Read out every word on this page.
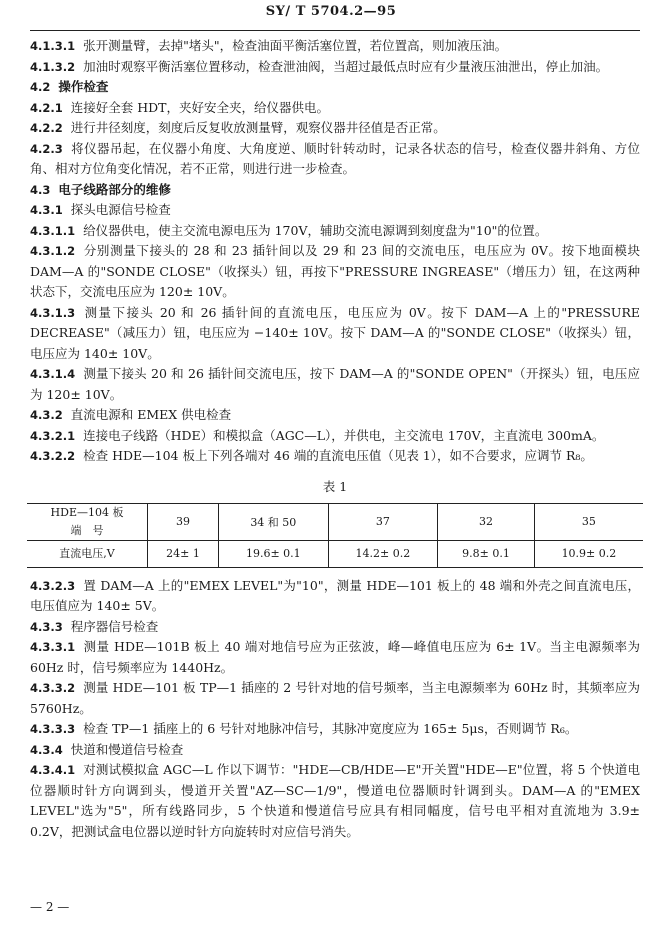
SY/ T 5704.2—95

4.1.3.1 张开测量臂，去掉"堵头"，检查油面平衡活塞位置，若位置高，则加液压油。

4.1.3.2 加油时观察平衡活塞位置移动，检查泄油阀，当超过最低点时应有少量液压油泄出，停止加油。

4.2 操作检查

4.2.1 连接好全套 HDT，夹好安全夹，给仪器供电。

4.2.2 进行井径刻度，刻度后反复收放测量臂，观察仪器井径值是否正常。

4.2.3 将仪器吊起，在仪器小角度、大角度逆、顺时针转动时，记录各状态的信号，检查仪器井斜角、方位角、相对方位角变化情况，若不正常，则进行进一步检查。

4.3 电子线路部分的维修

4.3.1 探头电源信号检查

4.3.1.1 给仪器供电，使主交流电源电压为 170V，辅助交流电源调到刻度盘为"10"的位置。

4.3.1.2 分别测量下接头的 28 和 23 插针间以及 29 和 23 间的交流电压，电压应为 0V。按下地面模块 DAM—A 的"SONDE CLOSE"（收探头）钮，再按下"PRESSURE INGREASE"（增压力）钮，在这两种状态下，交流电压应为 120± 10V。

4.3.1.3 测量下接头 20 和 26 插针间的直流电压，电压应为 0V。按下 DAM—A 上的"PRESSURE DECREASE"（减压力）钮，电压应为 −140± 10V。按下 DAM—A 的"SONDE CLOSE"（收探头）钮，电压应为 140± 10V。

4.3.1.4 测量下接头 20 和 26 插针间交流电压，按下 DAM—A 的"SONDE OPEN"（开探头）钮，电压应为 120± 10V。

4.3.2 直流电源和 EMEX 供电检查

4.3.2.1 连接电子线路（HDE）和模拟盒（AGC—L），并供电，主交流电 170V，主直流电 300mA。

4.3.2.2 检查 HDE—104 板上下列各端对 46 端的直流电压值（见表 1），如不合要求，应调节 R₈。

表 1
HDE—104 板
端　号	39	34 和 50	37	32	35
直流电压,V	24± 1	19.6± 0.1	14.2± 0.2	9.8± 0.1	10.9± 0.2

4.3.2.3 置 DAM—A 上的"EMEX LEVEL"为"10"，测量 HDE—101 板上的 48 端和外壳之间直流电压，电压值应为 140± 5V。

4.3.3 程序器信号检查

4.3.3.1 测量 HDE—101B 板上 40 端对地信号应为正弦波，峰—峰值电压应为 6± 1V。当主电源频率为 60Hz 时，信号频率应为 1440Hz。

4.3.3.2 测量 HDE—101 板 TP—1 插座的 2 号针对地的信号频率，当主电源频率为 60Hz 时，其频率应为 5760Hz。

4.3.3.3 检查 TP—1 插座上的 6 号针对地脉冲信号，其脉冲宽度应为 165± 5μs，否则调节 R₆。

4.3.4 快道和慢道信号检查

4.3.4.1 对测试模拟盒 AGC—L 作以下调节："HDE—CB/HDE—E"开关置"HDE—E"位置，将 5 个快道电位器顺时针方向调到头，慢道开关置"AZ—SC—1/9"，慢道电位器顺时针调到头。DAM—A 的"EMEX LEVEL"选为"5"，所有线路同步，5 个快道和慢道信号应具有相同幅度，信号电平相对直流地为 3.9± 0.2V，把测试盒电位器以逆时针方向旋转时对应信号消失。

— 2 —
